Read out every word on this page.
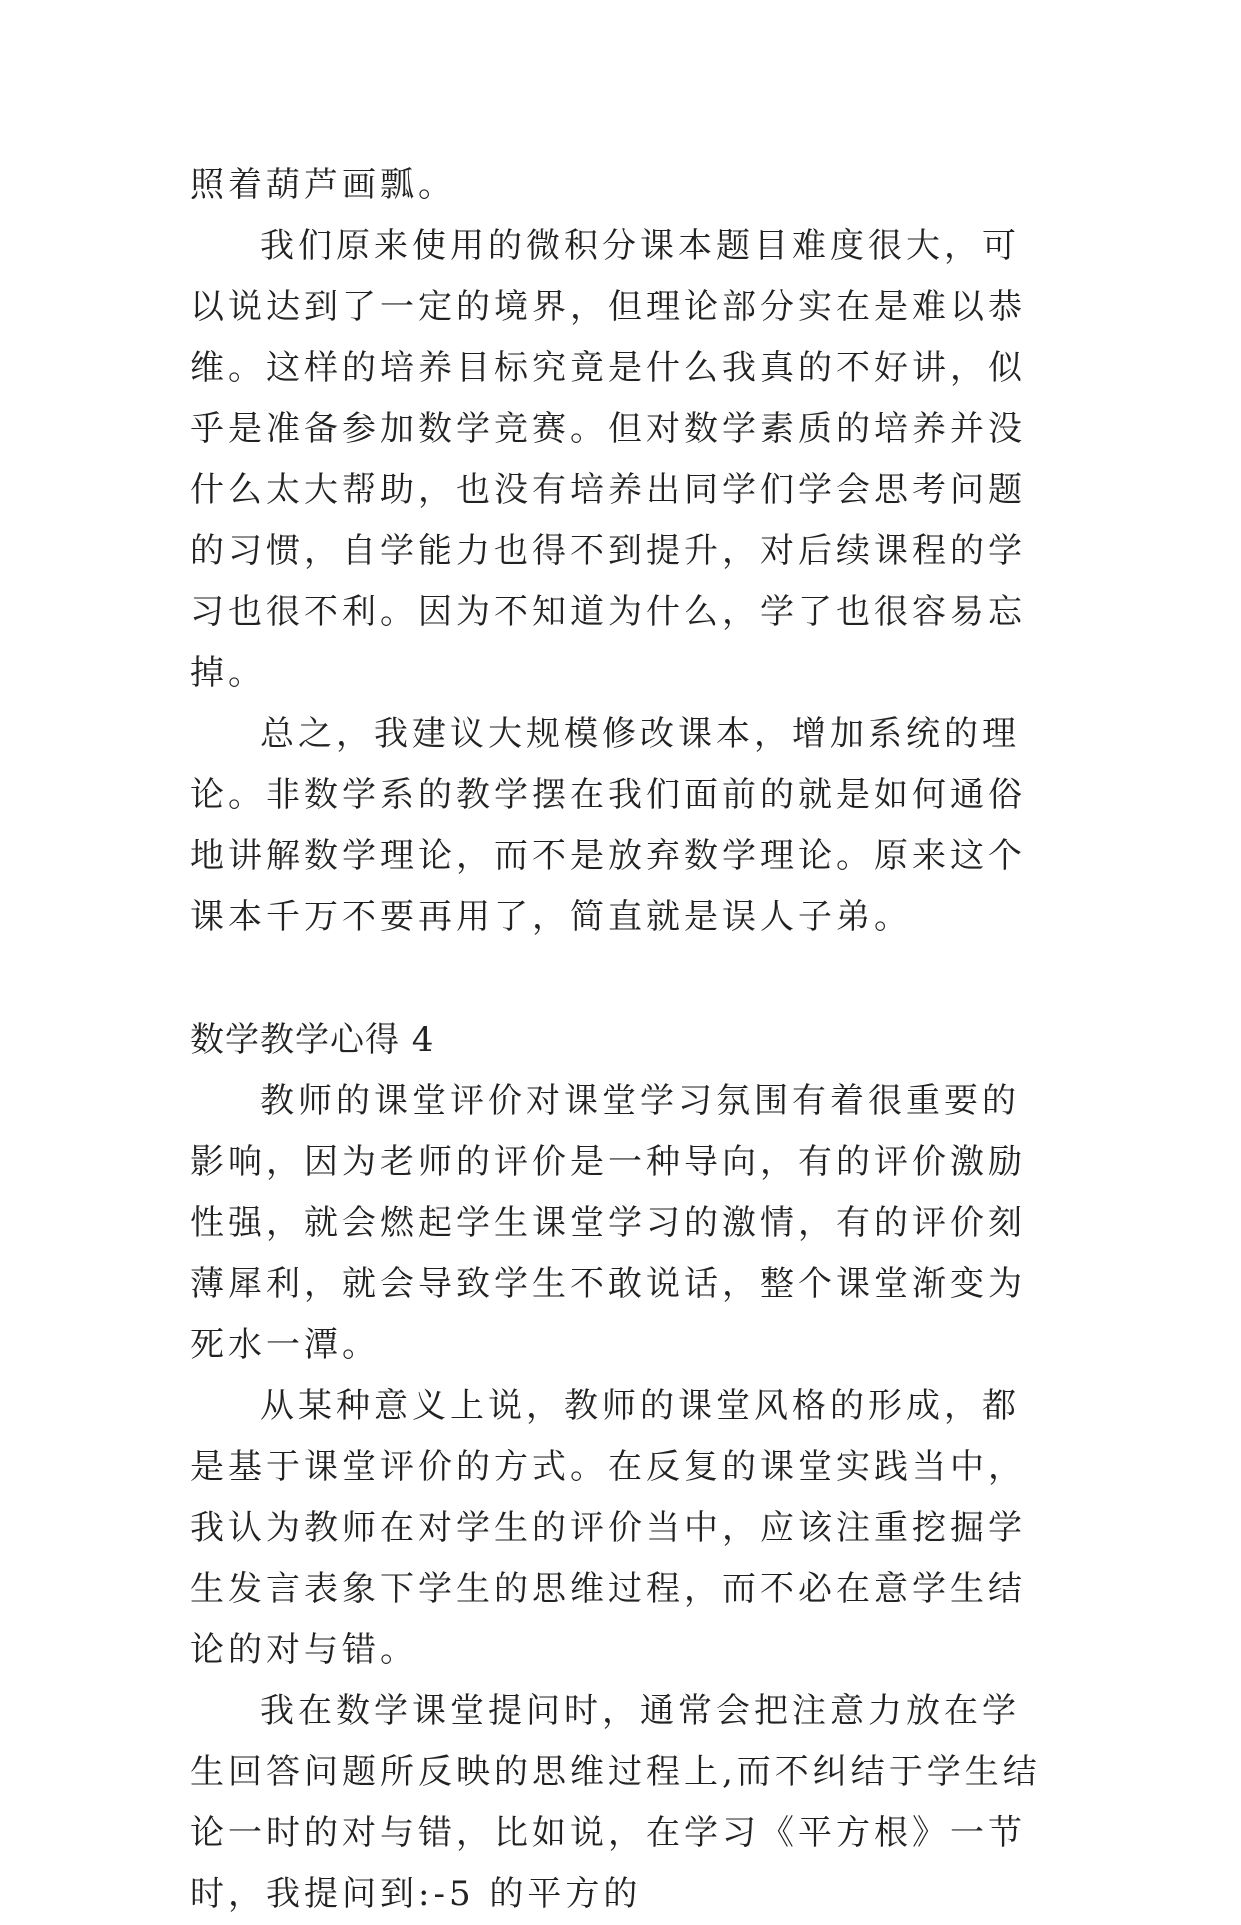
照着葫芦画瓢。

我们原来使用的微积分课本题目难度很大，可以说达到了一定的境界，但理论部分实在是难以恭维。这样的培养目标究竟是什么我真的不好讲，似乎是准备参加数学竞赛。但对数学素质的培养并没什么太大帮助，也没有培养出同学们学会思考问题的习惯，自学能力也得不到提升，对后续课程的学习也很不利。因为不知道为什么，学了也很容易忘掉。

总之，我建议大规模修改课本，增加系统的理论。非数学系的教学摆在我们面前的就是如何通俗地讲解数学理论，而不是放弃数学理论。原来这个课本千万不要再用了，简直就是误人子弟。

数学教学心得 4

教师的课堂评价对课堂学习氛围有着很重要的影响，因为老师的评价是一种导向，有的评价激励性强，就会燃起学生课堂学习的激情，有的评价刻薄犀利，就会导致学生不敢说话，整个课堂渐变为死水一潭。

从某种意义上说，教师的课堂风格的形成，都是基于课堂评价的方式。在反复的课堂实践当中，我认为教师在对学生的评价当中，应该注重挖掘学生发言表象下学生的思维过程，而不必在意学生结论的对与错。

我在数学课堂提问时，通常会把注意力放在学生回答问题所反映的思维过程上,而不纠结于学生结论一时的对与错，比如说，在学习《平方根》一节时，我提问到:-5 的平方的
